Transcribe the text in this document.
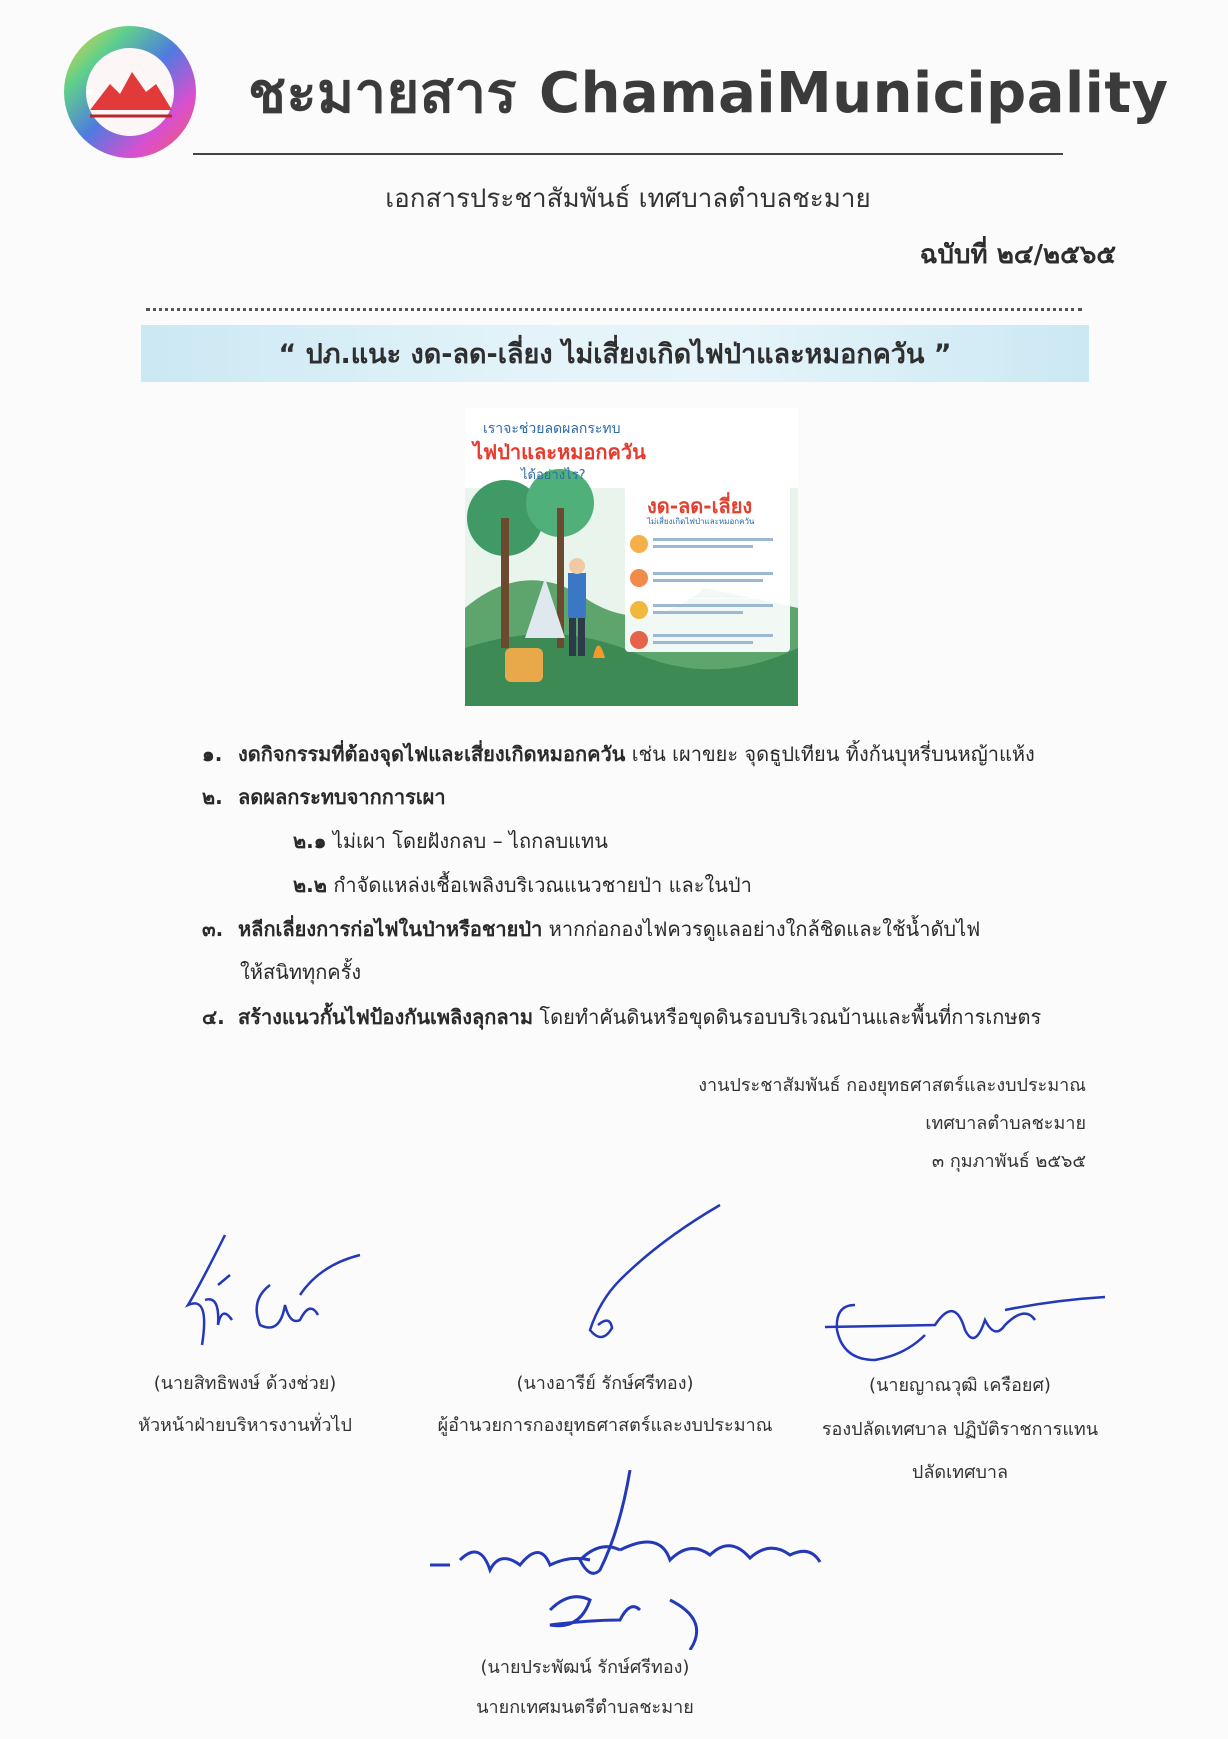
ชะมายสาร ChamaiMunicipality
เอกสารประชาสัมพันธ์ เทศบาลตำบลชะมาย
ฉบับที่ ๒๔/๒๕๖๕
“ ปภ.แนะ งด-ลด-เลี่ยง ไม่เสี่ยงเกิดไฟป่าและหมอกควัน ”
เราจะช่วยลดผลกระทบ
ไฟป่าและหมอกควัน
ได้อย่างไร?
งด-ลด-เลี่ยง
ไม่เสี่ยงเกิดไฟป่าและหมอกควัน
๑. งดกิจกรรมที่ต้องจุดไฟและเสี่ยงเกิดหมอกควัน เช่น เผาขยะ จุดธูปเทียน ทิ้งก้นบุหรี่บนหญ้าแห้ง
๒. ลดผลกระทบจากการเผา
๒.๑ ไม่เผา โดยฝังกลบ – ไถกลบแทน
๒.๒ กำจัดแหล่งเชื้อเพลิงบริเวณแนวชายป่า และในป่า
๓. หลีกเลี่ยงการก่อไฟในป่าหรือชายป่า หากก่อกองไฟควรดูแลอย่างใกล้ชิดและใช้น้ำดับไฟ
ให้สนิททุกครั้ง
๔. สร้างแนวกั้นไฟป้องกันเพลิงลุกลาม โดยทำคันดินหรือขุดดินรอบบริเวณบ้านและพื้นที่การเกษตร
งานประชาสัมพันธ์ กองยุทธศาสตร์และงบประมาณ
เทศบาลตำบลชะมาย
๓ กุมภาพันธ์ ๒๕๖๕
(นายสิทธิพงษ์ ด้วงช่วย)
หัวหน้าฝ่ายบริหารงานทั่วไป
(นางอารีย์ รักษ์ศรีทอง)
ผู้อำนวยการกองยุทธศาสตร์และงบประมาณ
(นายญาณวุฒิ เครือยศ)
รองปลัดเทศบาล ปฏิบัติราชการแทน
ปลัดเทศบาล
(นายประพัฒน์ รักษ์ศรีทอง)
นายกเทศมนตรีตำบลชะมาย
